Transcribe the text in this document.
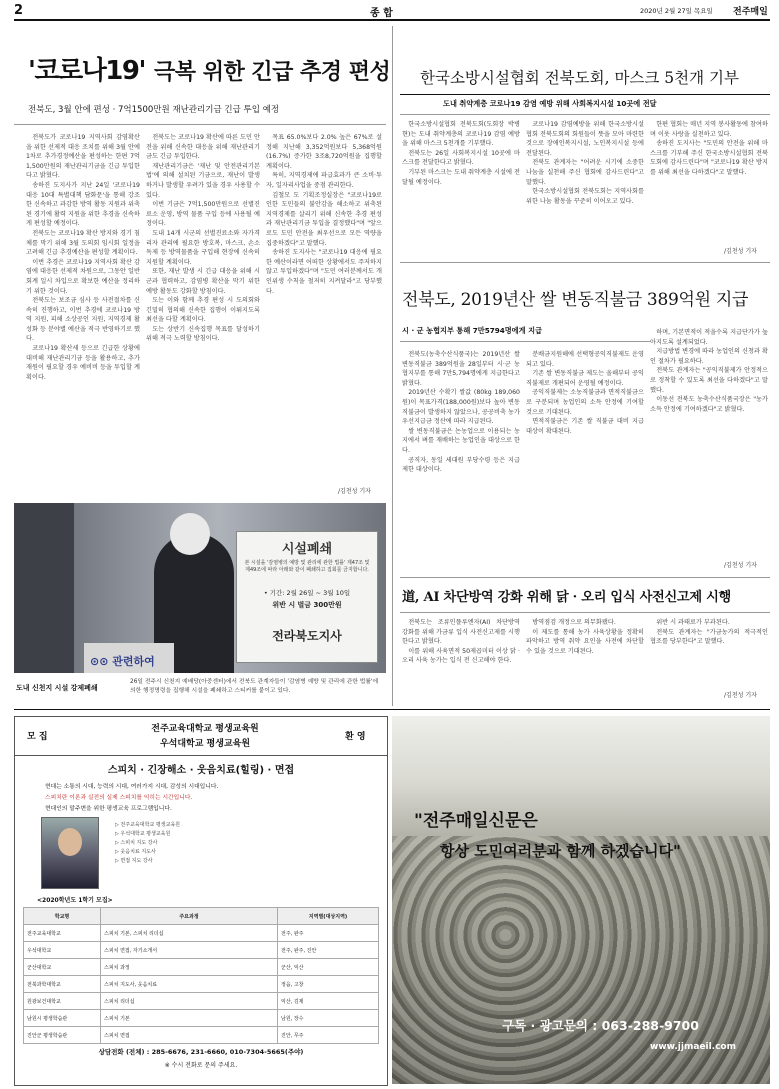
2	종 합	2020년 2월 27일 목요일 전주매일
'코로나19' 극복 위한 긴급 추경 편성
전북도, 3월 안에 편성 · 7억1500만원 재난관리기금 긴급 투입 예정

전북도가 코로나19 지역사회 감염확산을 위한 선제적 대응 조치를 위해 3월 안에 1차로 추가경정예산을 편성하는 한편 7억1,500만원의 재난관리기금을 긴급 투입한다고 밝혔다.

송하진 도지사가 지난 24일 '코로나19 대응 10대 특별대책 담화문'을 통해 강조한 신속하고 과감한 방역 활동 지원과 위축된 경기에 활력 지원을 위한 추경을 신속하게 편성할 예정이다.

전북도는 코로나19 확산 방지와 경기 침체를 막기 위해 3월 도의회 임시회 일정을 고려해 긴급 추경예산을 편성할 계획이다.

이번 추경은 코로나19 지역사회 확산 감염에 대응한 선제적 차원으로, 그동안 일반회계 일시 차입으로 확보한 예산을 정리하기 위한 것이다.

전북도는 보조금 심사 등 사전절차를 신속히 진행하고, 이번 추경에 코로나19 방역 지원, 피해 소상공인 지원, 지역경제 활성화 등 분야별 예산을 적극 반영하기로 했다.

코로나19 확산세 등으로 긴급한 상황에 대비해 재난관리기금 등을 활용하고, 추가 재원이 필요할 경우 예비비 등을 투입할 계획이다.

전북도는 코로나19 확산에 따른 도민 안전을 위해 신속한 대응을 위해 재난관리기금도 긴급 투입한다.

재난관리기금은 '재난 및 안전관리기본법'에 의해 설치된 기금으로, 재난이 발생하거나 발생할 우려가 있을 경우 사용할 수 있다.

이번 기금은 7억1,500만원으로 선별진료소 운영, 방역 물품 구입 등에 사용될 예정이다.

도내 14개 시군의 선별진료소와 자가격리자 관리에 필요한 방호복, 마스크, 손소독제 등 방역물품을 구입해 현장에 신속히 지원할 계획이다.

또한, 재난 발생 시 긴급 대응을 위해 시군과 협력하고, 감염병 확산을 막기 위한 예방 활동도 강화할 방침이다.

도는 이와 함께 추경 편성 시 도의회와 긴밀히 협의해 신속한 집행이 이뤄지도록 최선을 다할 계획이다.

도는 상반기 신속집행 목표를 달성하기 위해 적극 노력할 방침이다.

목표 65.0%보다 2.0% 높은 67%로 설정해 지난해 3,352억원보다 5,368억원(16.7%) 증가한 3조8,720억원을 집행할 계획이다.

특히, 지역경제에 파급효과가 큰 소비·투자, 일자리사업을 중점 관리한다.

김철모 도 기획조정실장은 "코로나19로 인한 도민들의 불안감을 해소하고 위축된 지역경제를 살리기 위해 신속한 추경 편성과 재난관리기금 투입을 결정했다"며 "앞으로도 도민 안전을 최우선으로 모든 역량을 집중하겠다"고 말했다.

송하진 도지사는 "코로나19 대응에 필요한 예산이라면 어떠한 상황에서도 주저하지 않고 투입하겠다"며 "도민 여러분께서도 개인위생 수칙을 철저히 지켜달라"고 당부했다.

/김천성 기자
⊙⊙ 관련하여
시설폐쇄
본 시설을 '감염병의 예방 및 관리에 관한 법률' 제47조 및 제49조에 따라 아래와 같이 폐쇄하고 집회를 금지합니다.
• 기간: 2월 26일 ~ 3월 10일
위반 시 벌금 300만원
전라북도지사
도내 신천지 시설 강제폐쇄
26일 전주시 신천지 예배당(아중센터)에서 전북도 관계자들이 '감염병 예방 및 관리에 관한 법률'에 의한 행정명령을 집행해 시설을 폐쇄하고 스티커를 붙이고 있다.
한국소방시설협회 전북도회, 마스크 5천개 기부
도내 취약계층 코로나19 감염 예방 위해 사회복지시설 10곳에 전달

한국소방시설협회 전북도회(도회장 박병현)는 도내 취약계층의 코로나19 감염 예방을 위해 마스크 5천개를 기부했다.

전북도는 26일 사회복지시설 10곳에 마스크를 전달한다고 밝혔다.

기부된 마스크는 도내 취약계층 시설에 전달될 예정이다.

코로나19 감염예방을 위해 한국소방시설협회 전북도회의 회원들이 뜻을 모아 마련한 것으로 장애인복지시설, 노인복지시설 등에 전달된다.

전북도 관계자는 "어려운 시기에 소중한 나눔을 실천해 주신 협회에 감사드린다"고 말했다.

한국소방시설협회 전북도회는 지역사회를 위한 나눔 활동을 꾸준히 이어오고 있다.

한편 협회는 매년 지역 봉사활동에 참여하며 이웃 사랑을 실천하고 있다.

송하진 도지사는 "도민의 안전을 위해 마스크를 기부해 주신 한국소방시설협회 전북도회에 감사드린다"며 "코로나19 확산 방지를 위해 최선을 다하겠다"고 말했다.

/김천성 기자
전북도, 2019년산 쌀 변동직불금 389억원 지급
시 · 군 농협지부 통해 7만5794명에게 지급

전북도(농축수산식품국)는 2019년산 쌀 변동직불금 389억원을 28일부터 시·군 농협지부를 통해 7만5,794명에게 지급한다고 밝혔다.

2019년산 수확기 쌀값 (80kg 189,060원)이 목표가격(188,000원)보다 높아 변동직불금이 발생하지 않았으나, 공공비축 농가 우선지급금 정산에 따라 지급된다.

쌀 변동직불금은 논농업으로 이용되는 농지에서 벼를 재배하는 농업인을 대상으로 한다.

공직자, 동일 세대원 부당수령 등은 지급 제한 대상이다.

분배금지원해에 선택형공익직불제도 운영되고 있다.

기존 쌀 변동직불금 제도는 올해부터 공익직불제로 개편되어 운영될 예정이다.

공익직불제는 소농직불금과 면적직불금으로 구분되며 농업인의 소득 안정에 기여할 것으로 기대된다.

면적직불금은 기존 쌀 직불금 대비 지급 대상이 확대된다.

하며, 기본면적이 적을수록 지급단가가 높아지도록 설계되었다.

지급방법 변경에 따라 농업인의 신청과 확인 절차가 필요하다.

전북도 관계자는 "공익직불제가 안정적으로 정착할 수 있도록 최선을 다하겠다"고 말했다.

이동선 전북도 농축수산식품국장은 "농가 소득 안정에 기여하겠다"고 밝혔다.

/김천성 기자
道, AI 차단방역 강화 위해 닭 · 오리 입식 사전신고제 시행

전북도는 조류인플루엔자(AI) 차단방역 강화를 위해 가금류 입식 사전신고제를 시행한다고 밝혔다.

이를 위해 사육면적 50제곱미터 이상 닭 · 오리 사육 농가는 입식 전 신고해야 한다.

방역점검 개정으로 의무화됐다.

이 제도를 통해 농가 사육상황을 정확히 파악하고 방역 취약 요인을 사전에 차단할 수 있을 것으로 기대된다.

위반 시 과태료가 부과된다.

전북도 관계자는 "가금농가의 적극적인 협조를 당부한다"고 말했다.

/김천성 기자
모 집
전주교육대학교 평생교육원
우석대학교 평생교육원
환 영
스피치 · 긴장해소 · 웃음치료(힐링) · 면접
현대는 소통의 시대, 능력의 시대, 여러가지 시대, 감성의 시대입니다.
스피치란 이론과 실전의 실제 스피치를 익히는 시간입니다.
현대인의 말주변을 위한 평생교육 프로그램입니다.
▷ 전주교육대학교 평생교육원
▷ 우석대학교 평생교육원
▷ 스피치 지도 강사
▷ 웃음치료 지도사
▷ 면접 지도 강사
<2020학년도 1학기 모집>
학교명	주요과정	지역별(대상지역)
전주교육대학교	스피치 기본, 스피치 리더십	전주, 완주
우석대학교	스피치 면접, 자기소개서	전주, 완주, 진안
군산대학교	스피치 과정	군산, 익산
전북과학대학교	스피치 지도사, 웃음치료	정읍, 고창
원광보건대학교	스피치 리더십	익산, 김제
남원시 평생학습관	스피치 기본	남원, 장수
진안군 평생학습관	스피치 면접	진안, 무주
상담전화 (전체) : 285-6676, 231-6660, 010-7304-5665(주야)
※ 수시 전화로 문의 주세요.
"전주매일신문은
항상 도민여러분과 함께 하겠습니다"
구독 · 광고문의 : 063-288-9700
www.jjmaeil.com
